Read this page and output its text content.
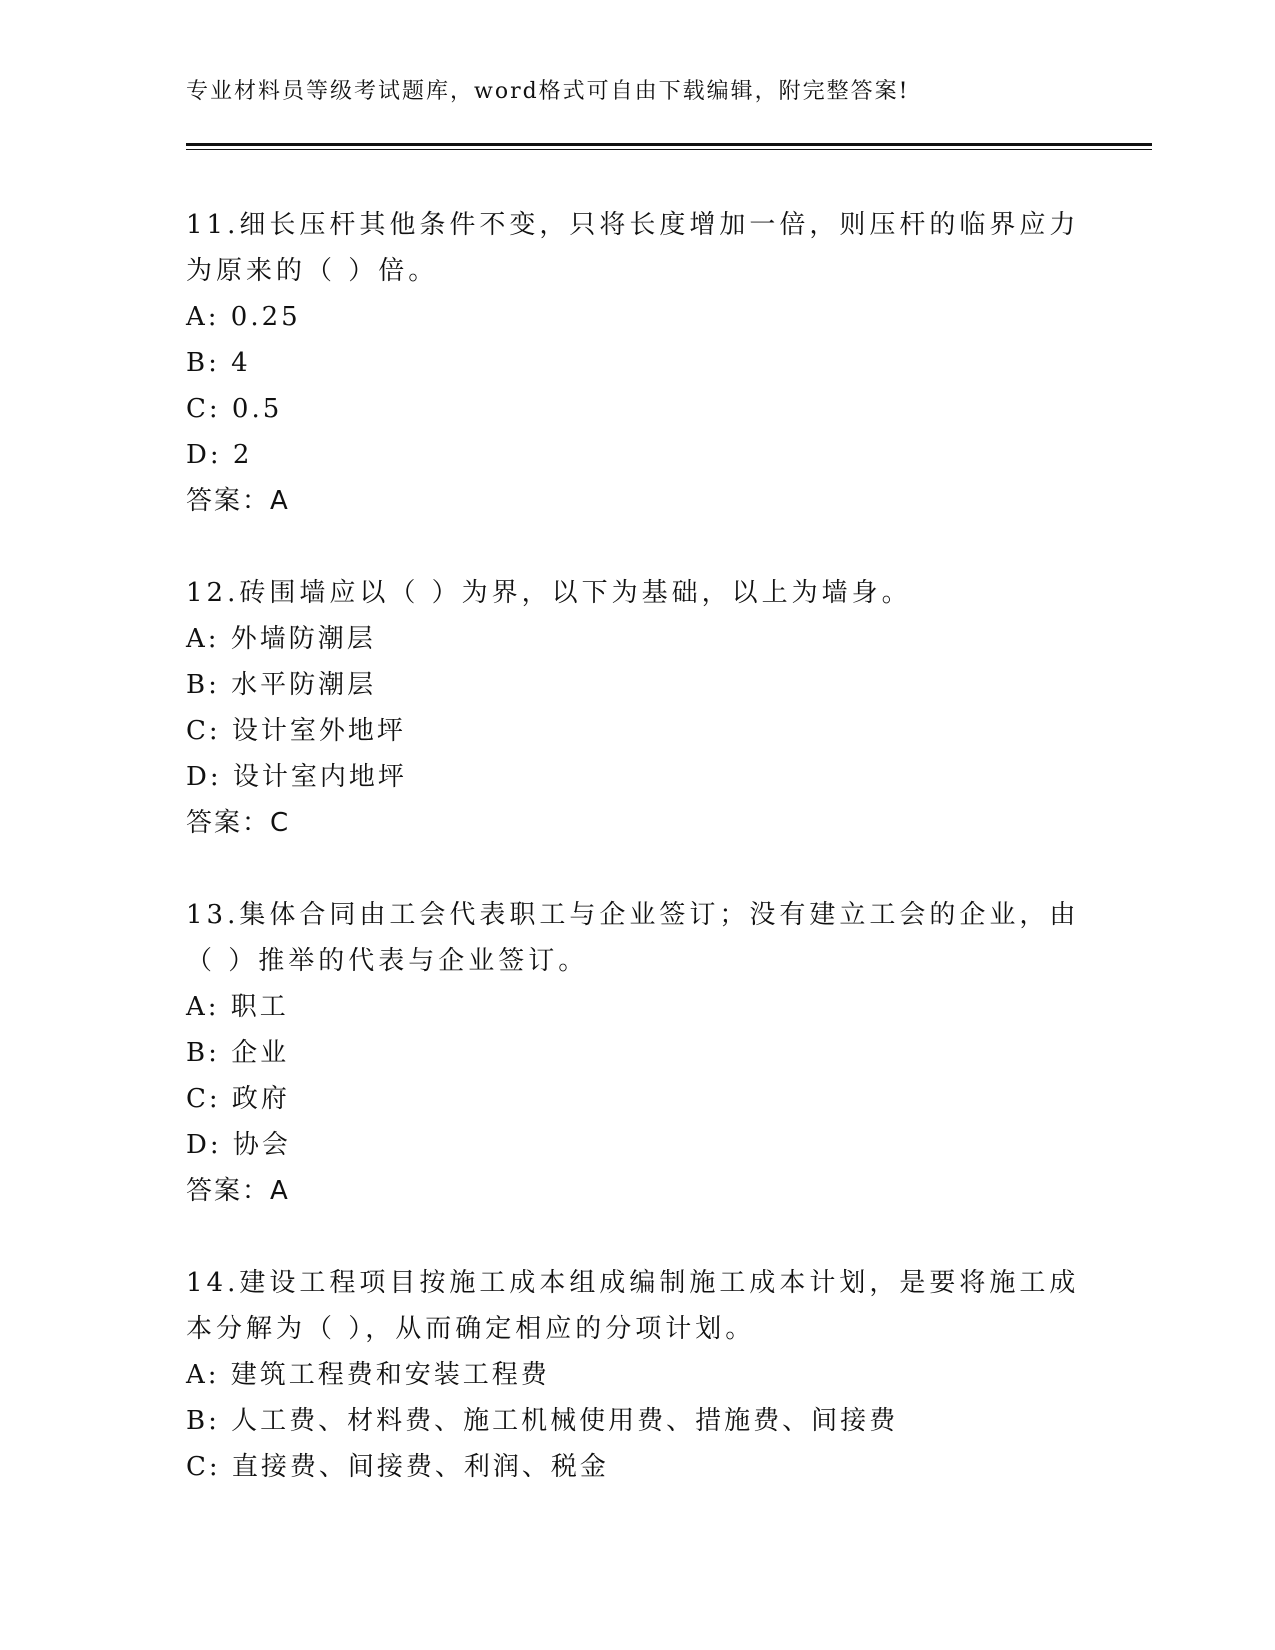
专业材料员等级考试题库，word格式可自由下载编辑，附完整答案!

11.细长压杆其他条件不变，只将长度增加一倍，则压杆的临界应力为原来的（ ）倍。

A: 0.25

B: 4

C: 0.5

D: 2

答案：A

12.砖围墙应以（ ）为界，以下为基础，以上为墙身。

A: 外墙防潮层

B: 水平防潮层

C: 设计室外地坪

D: 设计室内地坪

答案：C

13.集体合同由工会代表职工与企业签订；没有建立工会的企业，由（ ）推举的代表与企业签订。

A: 职工

B: 企业

C: 政府

D: 协会

答案：A

14.建设工程项目按施工成本组成编制施工成本计划，是要将施工成本分解为（ ），从而确定相应的分项计划。

A: 建筑工程费和安装工程费

B: 人工费、材料费、施工机械使用费、措施费、间接费

C: 直接费、间接费、利润、税金
